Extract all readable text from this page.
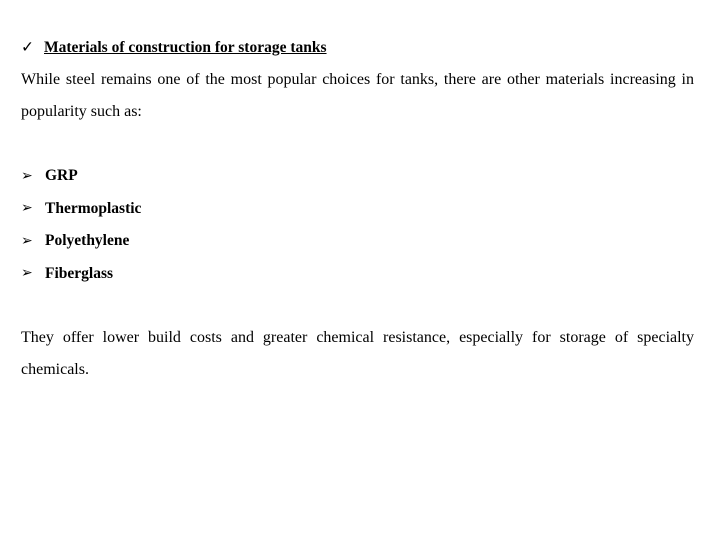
✓ Materials of construction for storage tanks

While steel remains one of the most popular choices for tanks, there are other materials increasing in popularity such as:

➢ GRP
➢ Thermoplastic
➢ Polyethylene
➢ Fiberglass

They offer lower build costs and greater chemical resistance, especially for storage of specialty chemicals.
